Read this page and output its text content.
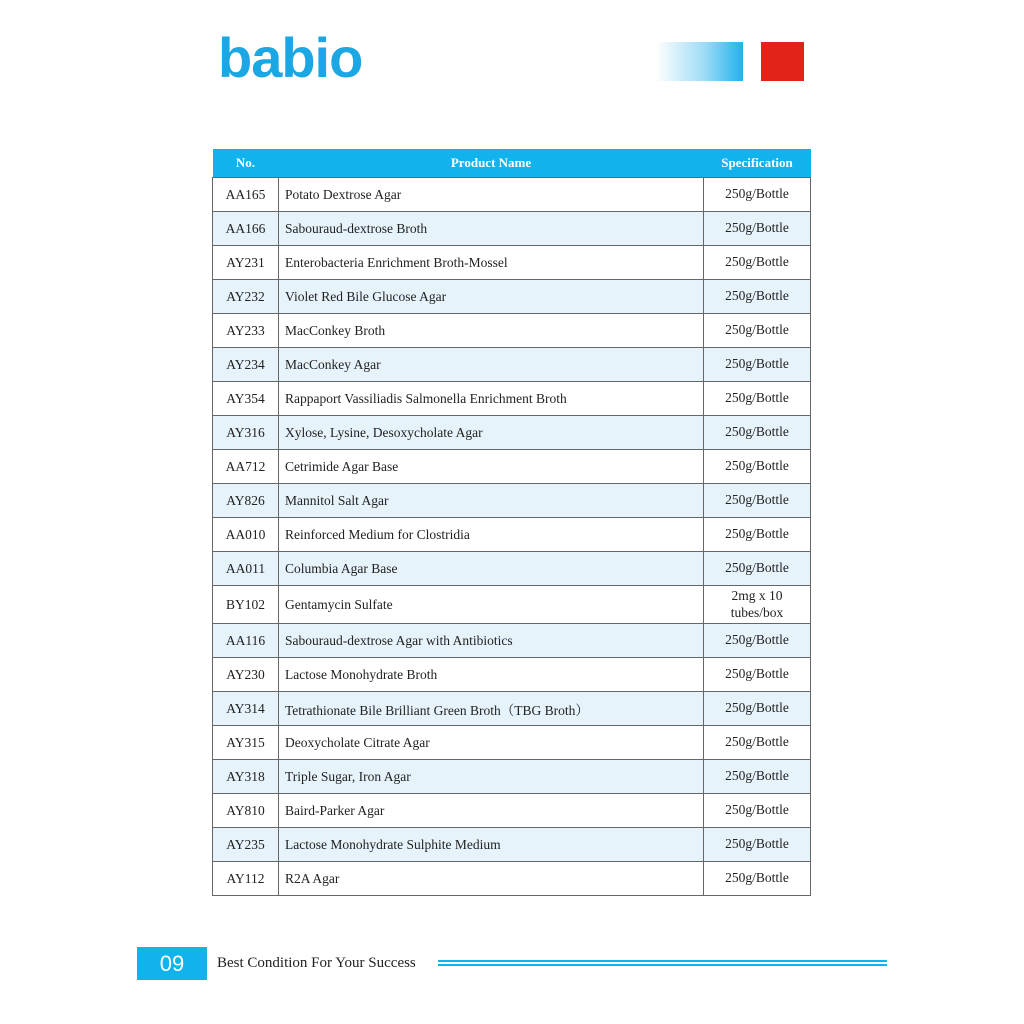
babio
No.	Product Name	Specification
AA165	Potato Dextrose Agar	250g/Bottle
AA166	Sabouraud-dextrose Broth	250g/Bottle
AY231	Enterobacteria Enrichment Broth-Mossel	250g/Bottle
AY232	Violet Red Bile Glucose Agar	250g/Bottle
AY233	MacConkey Broth	250g/Bottle
AY234	MacConkey Agar	250g/Bottle
AY354	Rappaport Vassiliadis Salmonella Enrichment Broth	250g/Bottle
AY316	Xylose, Lysine, Desoxycholate Agar	250g/Bottle
AA712	Cetrimide Agar Base	250g/Bottle
AY826	Mannitol Salt Agar	250g/Bottle
AA010	Reinforced Medium for Clostridia	250g/Bottle
AA011	Columbia Agar Base	250g/Bottle
BY102	Gentamycin Sulfate	2mg x 10
tubes/box
AA116	Sabouraud-dextrose Agar with Antibiotics	250g/Bottle
AY230	Lactose Monohydrate Broth	250g/Bottle
AY314	Tetrathionate Bile Brilliant Green Broth（TBG Broth）	250g/Bottle
AY315	Deoxycholate Citrate Agar	250g/Bottle
AY318	Triple Sugar, Iron Agar	250g/Bottle
AY810	Baird-Parker Agar	250g/Bottle
AY235	Lactose Monohydrate Sulphite Medium	250g/Bottle
AY112	R2A Agar	250g/Bottle
09	Best Condition For Your Success
